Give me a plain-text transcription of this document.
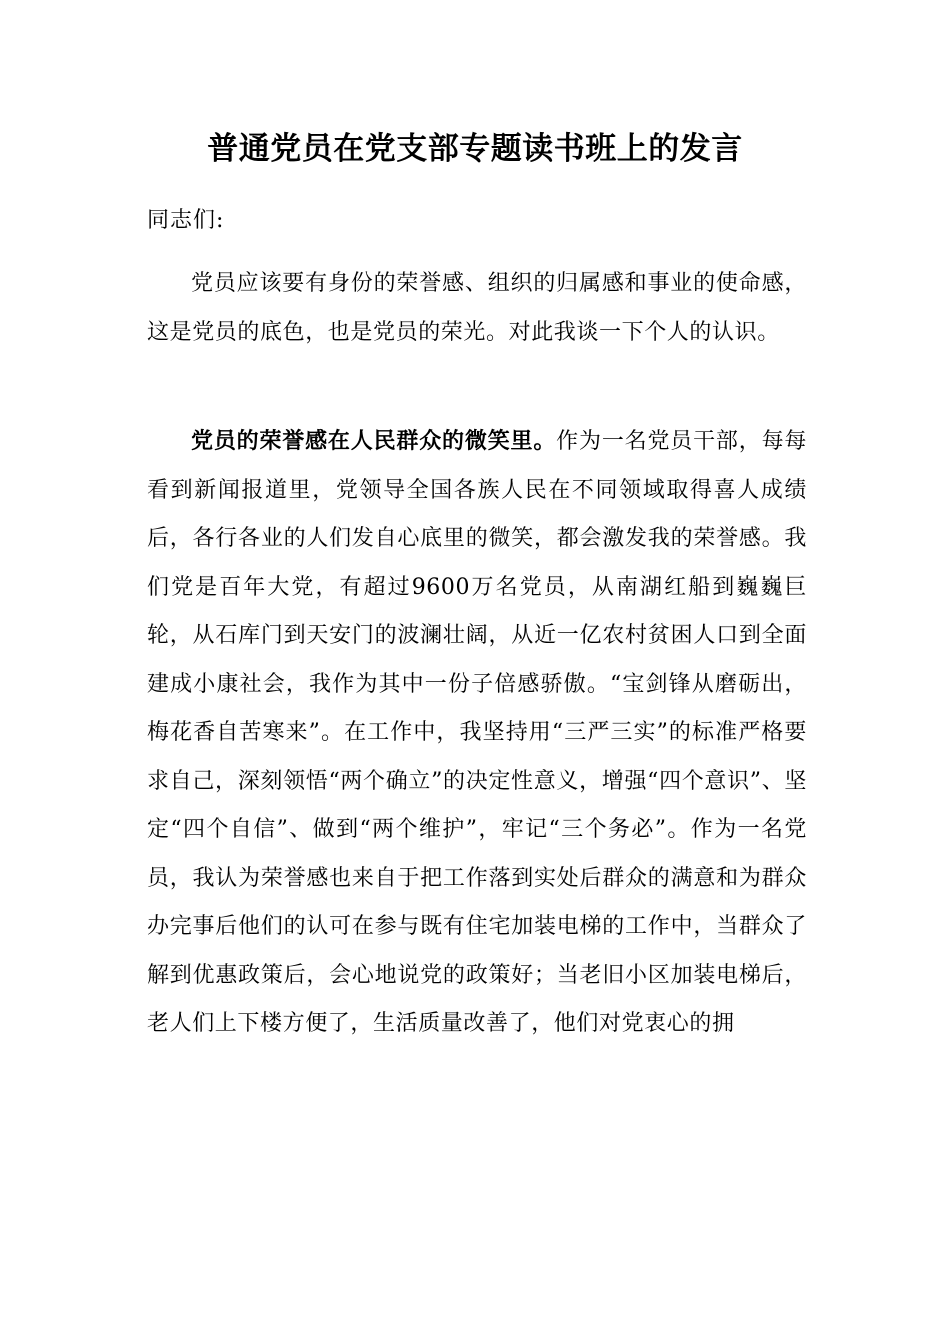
普通党员在党支部专题读书班上的发言

同志们:

党员应该要有身份的荣誉感、组织的归属感和事业的使命感，这是党员的底色，也是党员的荣光。对此我谈一下个人的认识。

党员的荣誉感在人民群众的微笑里。作为一名党员干部，每每看到新闻报道里，党领导全国各族人民在不同领域取得喜人成绩后，各行各业的人们发自心底里的微笑，都会激发我的荣誉感。我们党是百年大党，有超过9600万名党员，从南湖红船到巍巍巨轮，从石库门到天安门的波澜壮阔，从近一亿农村贫困人口到全面建成小康社会，我作为其中一份子倍感骄傲。“宝剑锋从磨砺出，梅花香自苦寒来”。在工作中，我坚持用“三严三实”的标准严格要求自己，深刻领悟“两个确立”的决定性意义，增强“四个意识”、坚定“四个自信”、做到“两个维护”，牢记“三个务必”。作为一名党员，我认为荣誉感也来自于把工作落到实处后群众的满意和为群众办完事后他们的认可在参与既有住宅加装电梯的工作中，当群众了解到优惠政策后，会心地说党的政策好；当老旧小区加装电梯后，老人们上下楼方便了，生活质量改善了，他们对党衷心的拥
